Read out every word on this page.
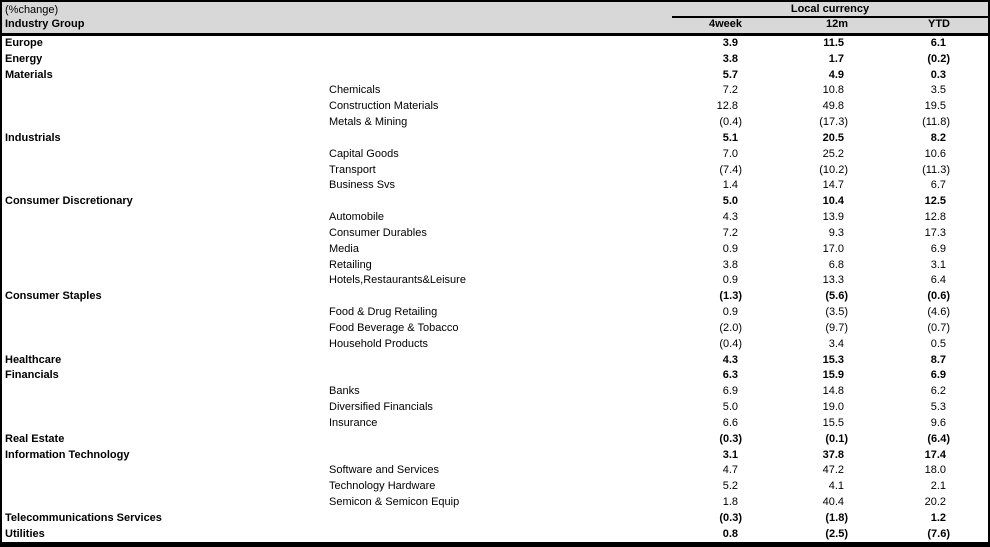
(%change)	Local currency
Industry Group	4week	12m	YTD
Europe	3.9	11.5	6.1
Energy	3.8	1.7	(0.2)
Materials	5.7	4.9	0.3
Chemicals	7.2	10.8	3.5
Construction Materials	12.8	49.8	19.5
Metals & Mining	(0.4)	(17.3)	(11.8)
Industrials	5.1	20.5	8.2
Capital Goods	7.0	25.2	10.6
Transport	(7.4)	(10.2)	(11.3)
Business Svs	1.4	14.7	6.7
Consumer Discretionary	5.0	10.4	12.5
Automobile	4.3	13.9	12.8
Consumer Durables	7.2	9.3	17.3
Media	0.9	17.0	6.9
Retailing	3.8	6.8	3.1
Hotels,Restaurants&Leisure	0.9	13.3	6.4
Consumer Staples	(1.3)	(5.6)	(0.6)
Food & Drug Retailing	0.9	(3.5)	(4.6)
Food Beverage & Tobacco	(2.0)	(9.7)	(0.7)
Household Products	(0.4)	3.4	0.5
Healthcare	4.3	15.3	8.7
Financials	6.3	15.9	6.9
Banks	6.9	14.8	6.2
Diversified Financials	5.0	19.0	5.3
Insurance	6.6	15.5	9.6
Real Estate	(0.3)	(0.1)	(6.4)
Information Technology	3.1	37.8	17.4
Software and Services	4.7	47.2	18.0
Technology Hardware	5.2	4.1	2.1
Semicon & Semicon Equip	1.8	40.4	20.2
Telecommunications Services	(0.3)	(1.8)	1.2
Utilities	0.8	(2.5)	(7.6)
